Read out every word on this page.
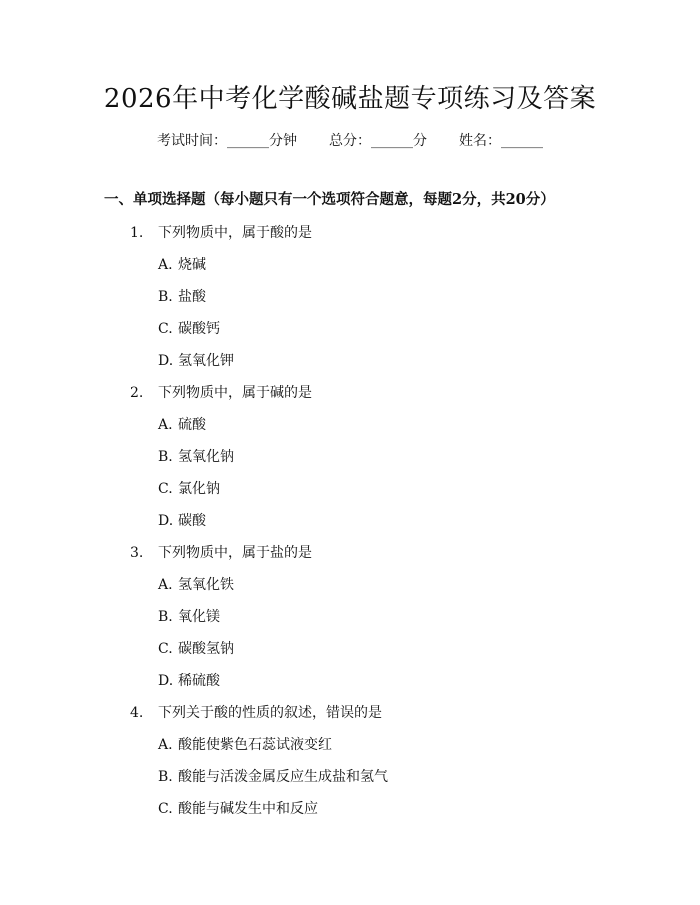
2026年中考化学酸碱盐题专项练习及答案
考试时间：______分钟 总分：______分 姓名：______
一、单项选择题（每小题只有一个选项符合题意，每题2分，共20分）
1. 下列物质中，属于酸的是
A. 烧碱
B. 盐酸
C. 碳酸钙
D. 氢氧化钾
2. 下列物质中，属于碱的是
A. 硫酸
B. 氢氧化钠
C. 氯化钠
D. 碳酸
3. 下列物质中，属于盐的是
A. 氢氧化铁
B. 氧化镁
C. 碳酸氢钠
D. 稀硫酸
4. 下列关于酸的性质的叙述，错误的是
A. 酸能使紫色石蕊试液变红
B. 酸能与活泼金属反应生成盐和氢气
C. 酸能与碱发生中和反应
